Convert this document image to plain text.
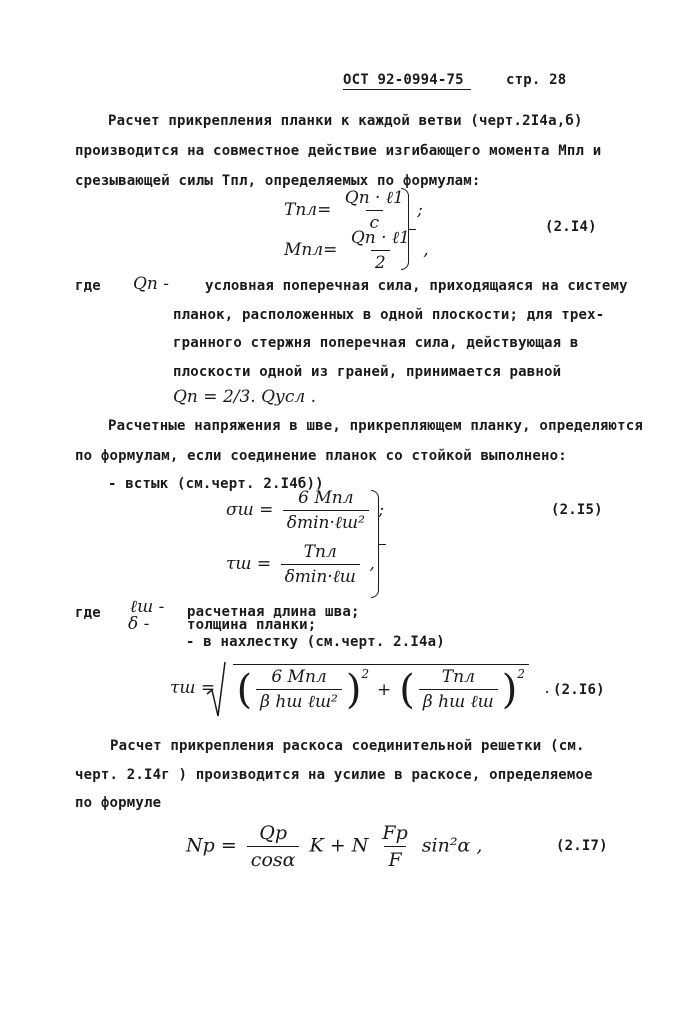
ОСТ 92-0994-75	стр. 28
Расчет прикрепления планки к каждой ветви (черт.2I4а,б)
производится на совместное действие изгибающего момента Мпл и
срезывающей силы Тпл, определяемых по формулам:
$Tпл= \frac{\text{Qп · ℓ1}}{c}$ ;
$Mпл= \frac{\text{Qп · ℓ1}}{2}$ ,
(2.I4)
где Qп -	условная поперечная сила, приходящаяся на систему
планок, расположенных в одной плоскости; для трех-
гранного стержня поперечная сила, действующая в
плоскости одной из граней, принимается равной
Qп = 2/3. Qусл .
Расчетные напряжения в шве, прикрепляющем планку, определяются
по формулам, если соединение планок со стойкой выполнено:
- встык (см.черт. 2.I4б))
$\sigma ш = \frac{\text{6 Mпл}}{\text{δmin·ℓш²}}$ ;
$\tau ш = \frac{\text{Tпл}}{\text{δmin·ℓш}}$ ,
(2.I5)
где ℓш - расчетная длина шва;
δ -	толщина планки;
- в нахлестку (см.черт. 2.I4а)
τш = ( $\frac{\text{6 Mпл}}{\text{β hш ℓш²}} )^2$
+ ( $\frac{\text{Tпл}}{\text{β hш ℓш}} )^2$
. (2.I6)
Расчет прикрепления раскоса соединительной решетки (см.
черт. 2.I4г ) производится на усилие в раскосе, определяемое
по формуле
$Np = \frac{Qp}{\cos\alpha}$ K + N $\frac{Fp}{F} \sin^2\alpha$ ,	(2.I7)
